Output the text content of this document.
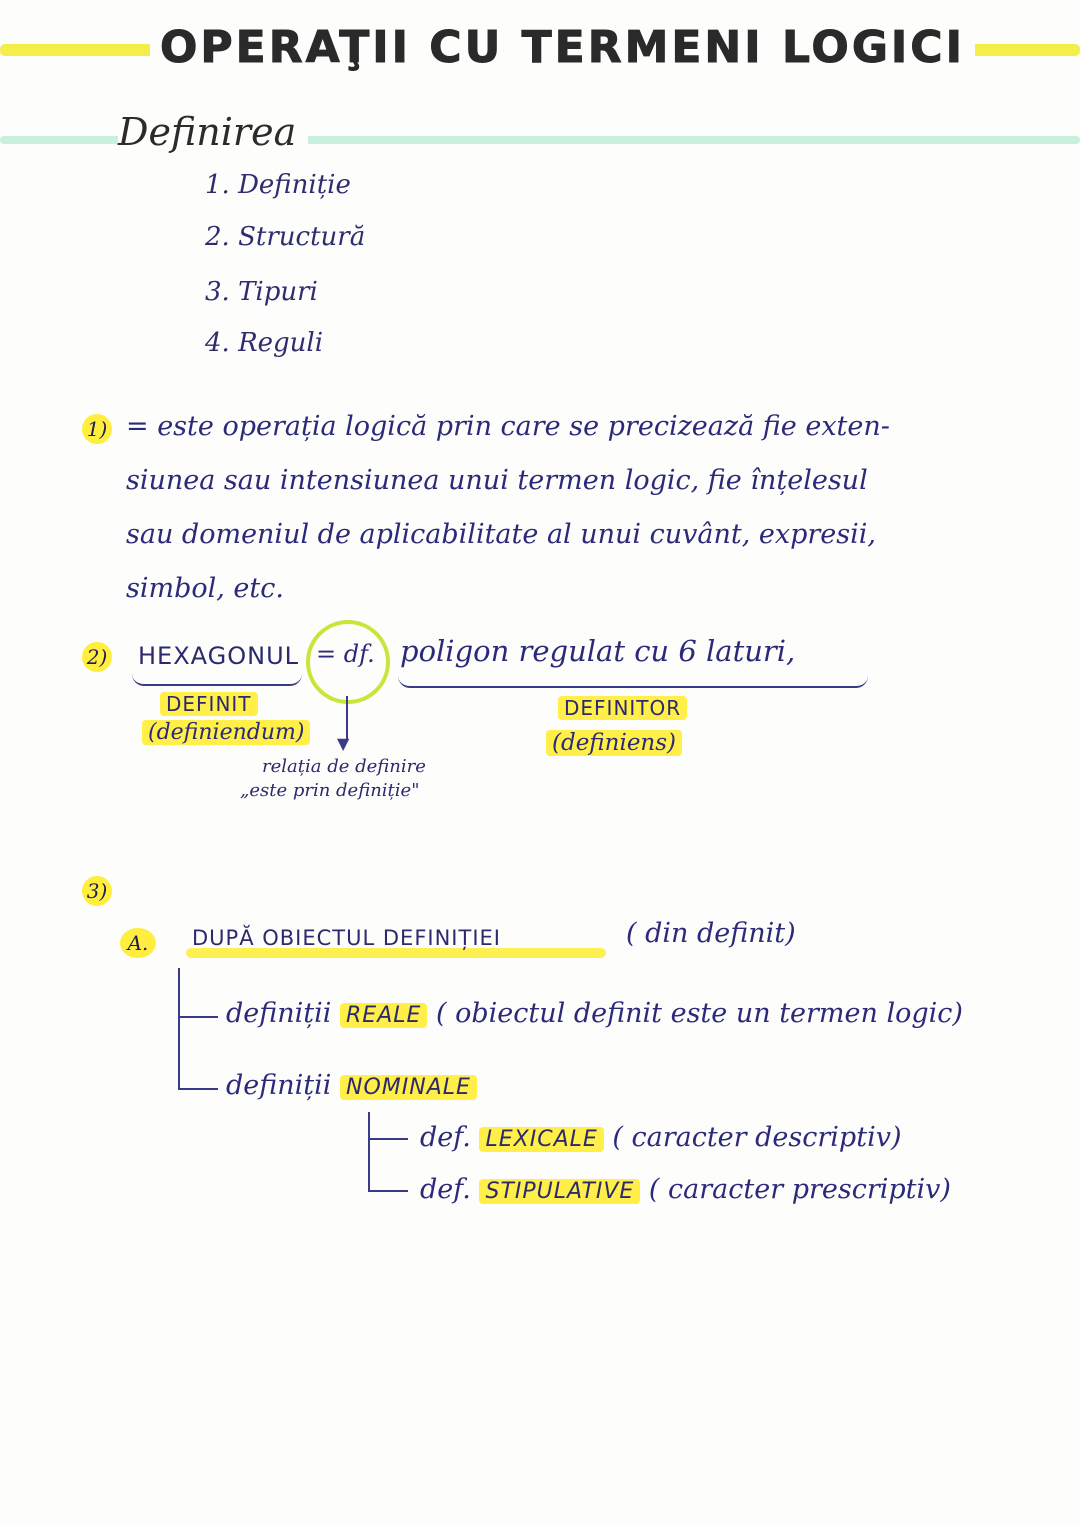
OPERAŢII CU TERMENI LOGICI
Definirea
1. Definiție
2. Structură
3. Tipuri
4. Reguli
1) = este operația logică prin care se precizează fie exten-
siunea sau intensiunea unui termen logic, fie înțelesul
sau domeniul de aplicabilitate al unui cuvânt, expresii,
simbol, etc.
2) HEXAGONUL = df.
▼
poligon regulat cu 6 laturi,
DEFINIT
(definiendum)
relația de definire
„este prin definiție"
DEFINITOR
(definiens)
3)
A.	DUPĂ OBIECTUL DEFINIȚIEI	( din definit)
definiții REALE ( obiectul definit este un termen logic)
definiții NOMINALE
def. LEXICALE ( caracter descriptiv)
def. STIPULATIVE ( caracter prescriptiv)
